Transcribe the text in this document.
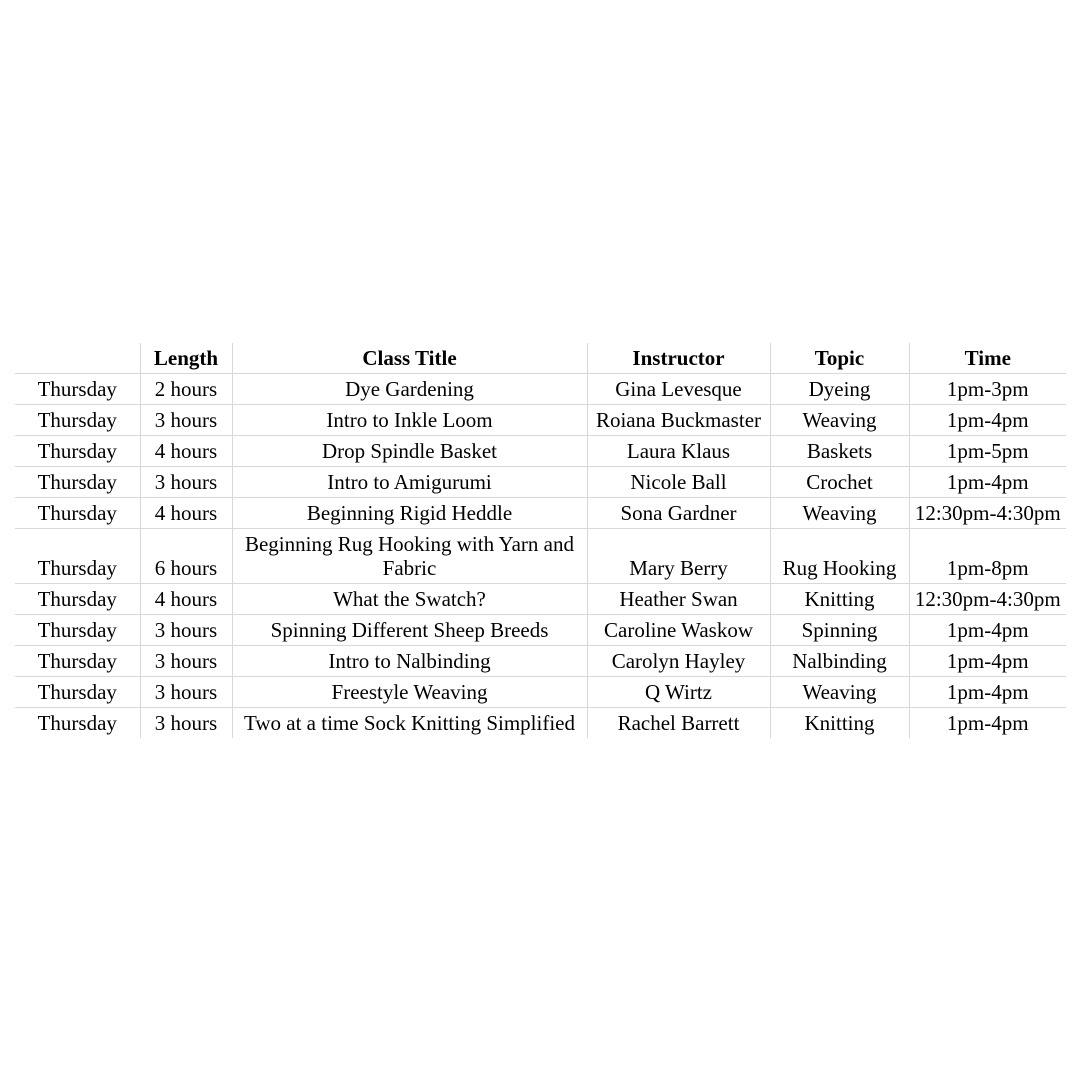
	Length	Class Title	Instructor	Topic	Time
Thursday	2 hours	Dye Gardening	Gina Levesque	Dyeing	1pm-3pm
Thursday	3 hours	Intro to Inkle Loom	Roiana Buckmaster	Weaving	1pm-4pm
Thursday	4 hours	Drop Spindle Basket	Laura Klaus	Baskets	1pm-5pm
Thursday	3 hours	Intro to Amigurumi	Nicole Ball	Crochet	1pm-4pm
Thursday	4 hours	Beginning Rigid Heddle	Sona Gardner	Weaving	12:30pm-4:30pm
Thursday	6 hours	Beginning Rug Hooking with Yarn and Fabric	Mary Berry	Rug Hooking	1pm-8pm
Thursday	4 hours	What the Swatch?	Heather Swan	Knitting	12:30pm-4:30pm
Thursday	3 hours	Spinning Different Sheep Breeds	Caroline Waskow	Spinning	1pm-4pm
Thursday	3 hours	Intro to Nalbinding	Carolyn Hayley	Nalbinding	1pm-4pm
Thursday	3 hours	Freestyle Weaving	Q Wirtz	Weaving	1pm-4pm
Thursday	3 hours	Two at a time Sock Knitting Simplified	Rachel Barrett	Knitting	1pm-4pm
